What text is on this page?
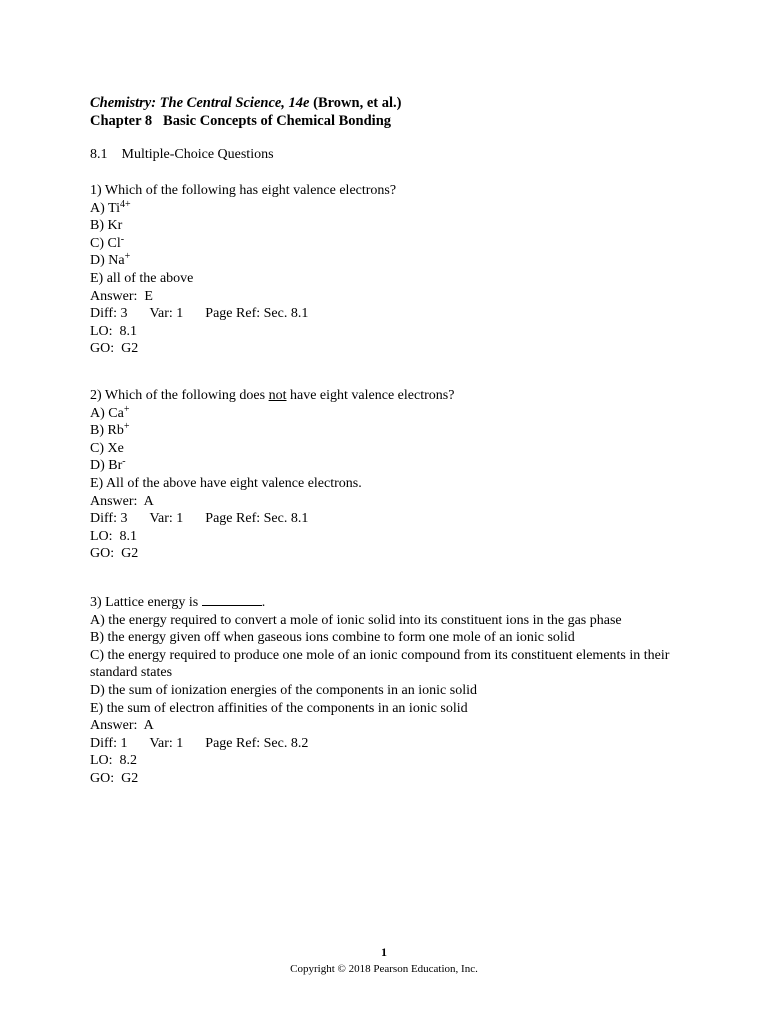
Chemistry: The Central Science, 14e (Brown, et al.)
Chapter 8   Basic Concepts of Chemical Bonding
8.1 Multiple-Choice Questions
1) Which of the following has eight valence electrons?
A) $Ti^{4+}$
B) Kr
C) Cl-
D) Na+
E) all of the above
Answer:  E
Diff: 3 Var: 1 Page Ref: Sec. 8.1
LO:  8.1
GO:  G2
2) Which of the following does not have eight valence electrons?
A) Ca+
B) Rb+
C) Xe
D) Br-
E) All of the above have eight valence electrons.
Answer:  A
Diff: 3 Var: 1 Page Ref: Sec. 8.1
LO:  8.1
GO:  G2
3) Lattice energy is	.
A) the energy required to convert a mole of ionic solid into its constituent ions in the gas phase
B) the energy given off when gaseous ions combine to form one mole of an ionic solid
C) the energy required to produce one mole of an ionic compound from its constituent elements in their standard states
D) the sum of ionization energies of the components in an ionic solid
E) the sum of electron affinities of the components in an ionic solid
Answer:  A
Diff: 1 Var: 1 Page Ref: Sec. 8.2
LO:  8.2
GO:  G2
1
Copyright © 2018 Pearson Education, Inc.
